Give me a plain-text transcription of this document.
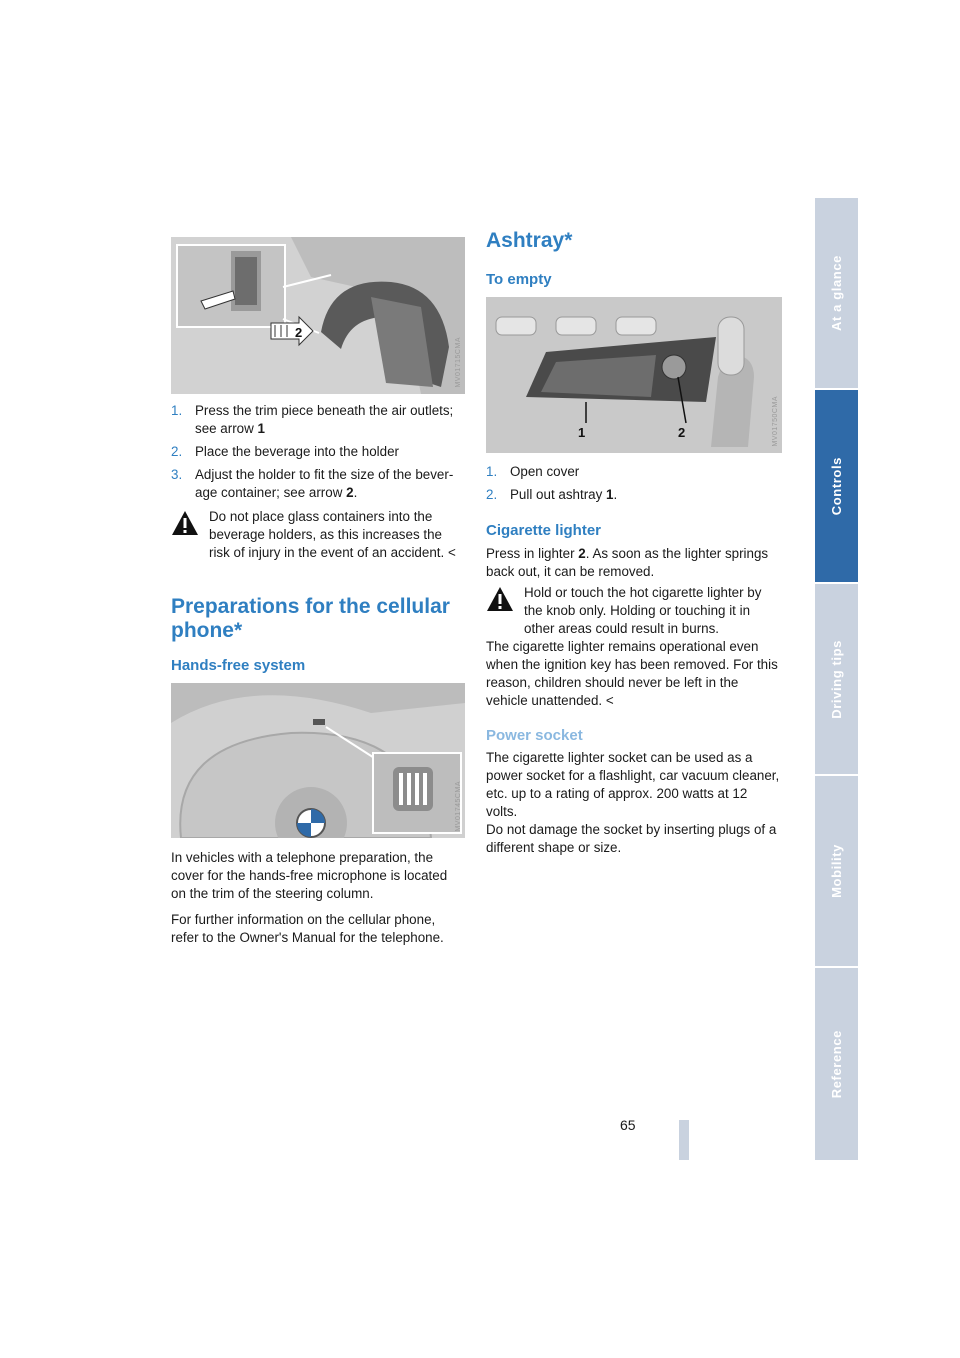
2
MV01715CMA
1. Press the trim piece beneath the air outlets; see arrow 1
2. Place the beverage into the holder
3. Adjust the holder to fit the size of the bever-age container; see arrow 2.

Do not place glass containers into the beverage holders, as this increases the risk of injury in the event of an accident. <

Preparations for the cellular phone*
Hands-free system
MV01745CMA

In vehicles with a telephone preparation, the cover for the hands-free microphone is located on the trim of the steering column.

For further information on the cellular phone, refer to the Owner's Manual for the telephone.

Ashtray*
To empty
1	2	MV01750CMA
1. Open cover
2. Pull out ashtray 1.
Cigarette lighter

Press in lighter 2. As soon as the lighter springs back out, it can be removed.

Hold or touch the hot cigarette lighter by the knob only. Holding or touching it in other areas could result in burns.

The cigarette lighter remains operational even when the ignition key has been removed. For this reason, children should never be left in the vehicle unattended. <

Power socket

The cigarette lighter socket can be used as a power socket for a flashlight, car vacuum cleaner, etc. up to a rating of approx. 200 watts at 12 volts.

Do not damage the socket by inserting plugs of a different shape or size.

At a glance
Controls
Driving tips
Mobility
Reference
65
